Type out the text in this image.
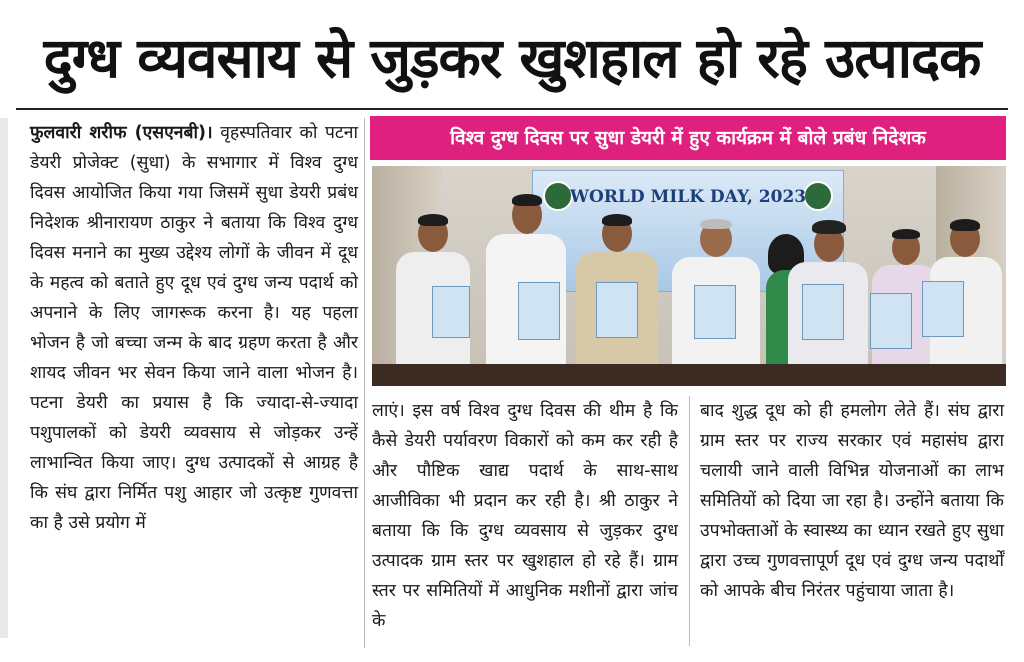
दुग्ध व्यवसाय से जुड़कर खुशहाल हो रहे उत्पादक
फुलवारी शरीफ (एसएनबी)। वृहस्पतिवार को पटना डेयरी प्रोजेक्ट (सुधा) के सभागार में विश्व दुग्ध दिवस आयोजित किया गया जिसमें सुधा डेयरी प्रबंध निदेशक श्रीनारायण ठाकुर ने बताया कि विश्व दुग्ध दिवस मनाने का मुख्य उद्देश्य लोगों के जीवन में दूध के महत्व को बताते हुए दूध एवं दुग्ध जन्य पदार्थ को अपनाने के लिए जागरूक करना है। यह पहला भोजन है जो बच्चा जन्म के बाद ग्रहण करता है और शायद जीवन भर सेवन किया जाने वाला भोजन है। पटना डेयरी का प्रयास है कि ज्यादा-से-ज्यादा पशुपालकों को डेयरी व्यवसाय से जोड़कर उन्हें लाभान्वित किया जाए। दुग्ध उत्पादकों से आग्रह है कि संघ द्वारा निर्मित पशु आहार जो उत्कृष्ट गुणवत्ता का है उसे प्रयोग में
विश्व दुग्ध दिवस पर सुधा डेयरी में हुए कार्यक्रम में बोले प्रबंध निदेशक
WORLD MILK DAY, 2023
लाएं। इस वर्ष विश्व दुग्ध दिवस की थीम है कि कैसे डेयरी पर्यावरण विकारों को कम कर रही है और पौष्टिक खाद्य पदार्थ के साथ-साथ आजीविका भी प्रदान कर रही है। श्री ठाकुर ने बताया कि कि दुग्ध व्यवसाय से जुड़कर दुग्ध उत्पादक ग्राम स्तर पर खुशहाल हो रहे हैं। ग्राम स्तर पर समितियों में आधुनिक मशीनों द्वारा जांच के
बाद शुद्ध दूध को ही हमलोग लेते हैं। संघ द्वारा ग्राम स्तर पर राज्य सरकार एवं महासंघ द्वारा चलायी जाने वाली विभिन्न योजनाओं का लाभ समितियों को दिया जा रहा है। उन्होंने बताया कि उपभोक्ताओं के स्वास्थ्य का ध्यान रखते हुए सुधा द्वारा उच्च गुणवत्तापूर्ण दूध एवं दुग्ध जन्य पदार्थों को आपके बीच निरंतर पहुंचाया जाता है।
